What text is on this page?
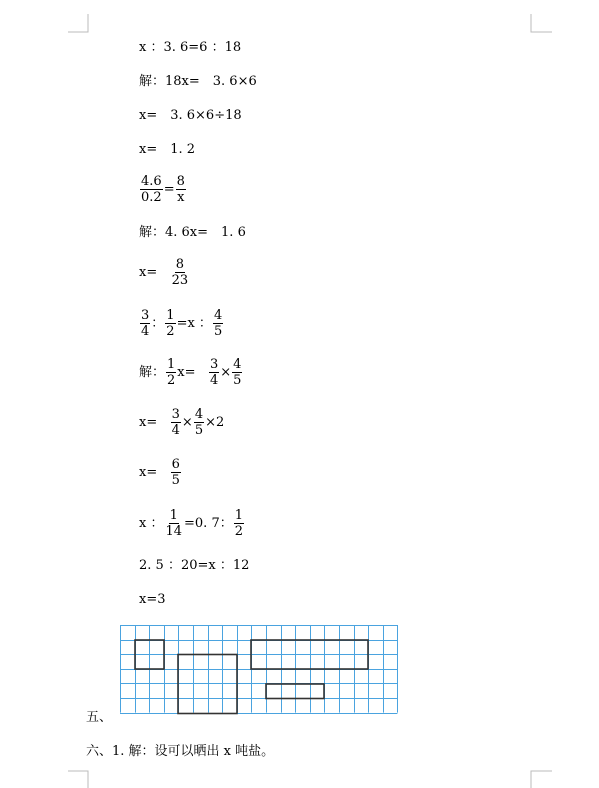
x ：3. 6=6 ：18
解：18x=　3. 6×6
x=　3. 6×6÷18
x=　1. 2
$\frac{4.6}{0.2} = \frac{8}{x}$
解：4. 6x=　1. 6
$x= \frac{8}{23}$
$\frac{3}{4}$ ： $\frac{1}{2} =x$ ： $\frac{4}{5}$
解： $\frac{1}{2} x= \frac{3}{4} \times \frac{4}{5}$
$x= \frac{3}{4} \times \frac{4}{5} \times 2$
$x= \frac{6}{5}$
x ： $\frac{1}{14} =0$. 7： $\frac{1}{2}$
2. 5 ：20=x ：12
x=3
五、
六、1. 解：设可以晒出 x 吨盐。
